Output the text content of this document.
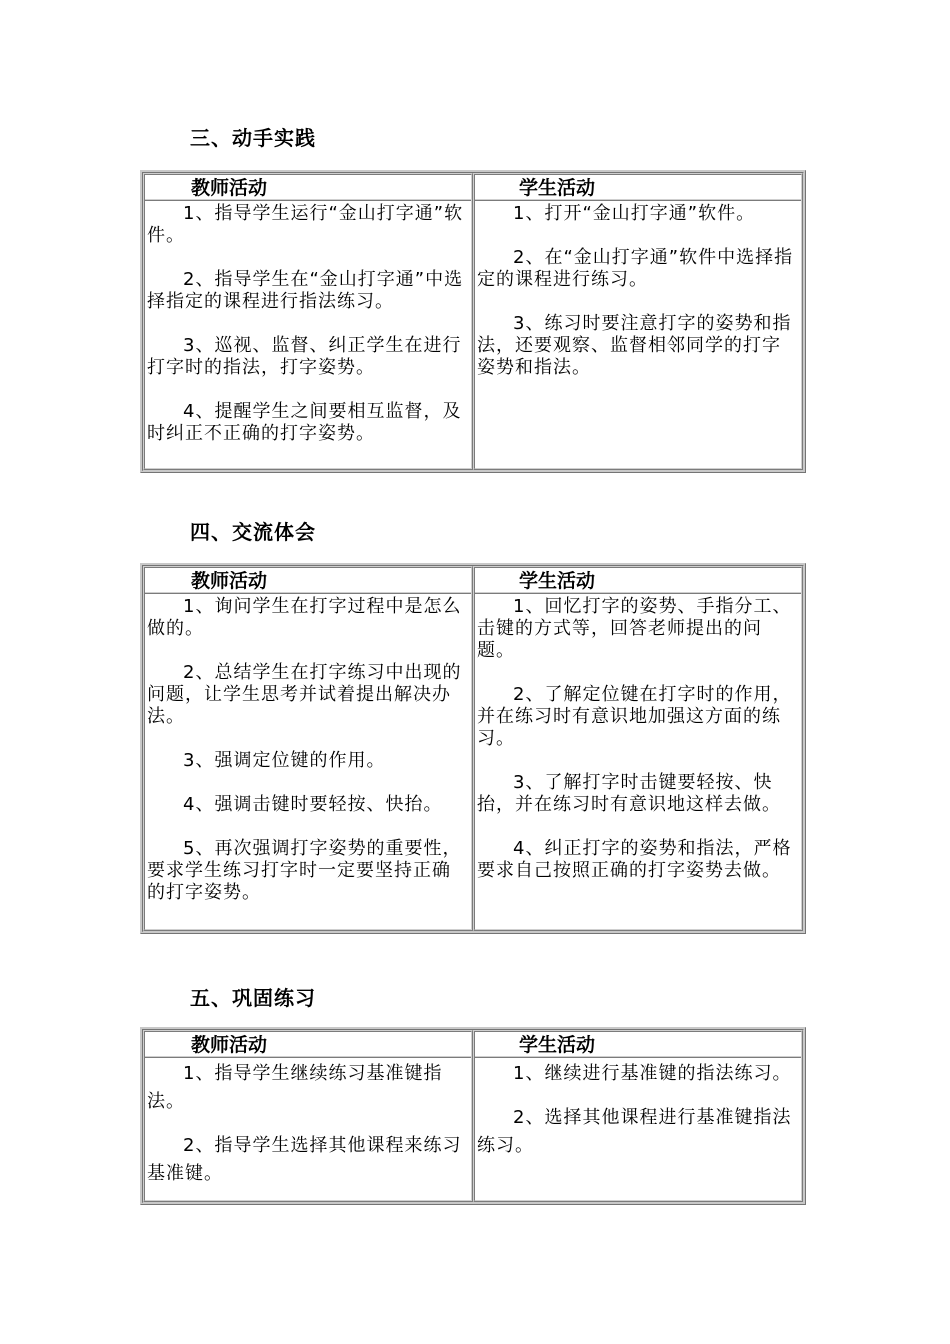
三、动手实践
教师活动

1、指导学生运行“金山打字通”软件。

2、指导学生在“金山打字通”中选择指定的课程进行指法练习。

3、巡视、监督、纠正学生在进行打字时的指法，打字姿势。

4、提醒学生之间要相互监督，及时纠正不正确的打字姿势。

学生活动

1、打开“金山打字通”软件。

2、在“金山打字通”软件中选择指定的课程进行练习。

3、练习时要注意打字的姿势和指法，还要观察、监督相邻同学的打字姿势和指法。

四、交流体会
教师活动

1、询问学生在打字过程中是怎么做的。

2、总结学生在打字练习中出现的问题，让学生思考并试着提出解决办法。

3、强调定位键的作用。

4、强调击键时要轻按、快抬。

5、再次强调打字姿势的重要性，要求学生练习打字时一定要坚持正确的打字姿势。

学生活动

1、回忆打字的姿势、手指分工、击键的方式等，回答老师提出的问题。

2、了解定位键在打字时的作用，并在练习时有意识地加强这方面的练习。

3、了解打字时击键要轻按、快抬，并在练习时有意识地这样去做。

4、纠正打字的姿势和指法，严格要求自己按照正确的打字姿势去做。

五、巩固练习
教师活动

1、指导学生继续练习基准键指法。

2、指导学生选择其他课程来练习基准键。

学生活动

1、继续进行基准键的指法练习。

2、选择其他课程进行基准键指法练习。
